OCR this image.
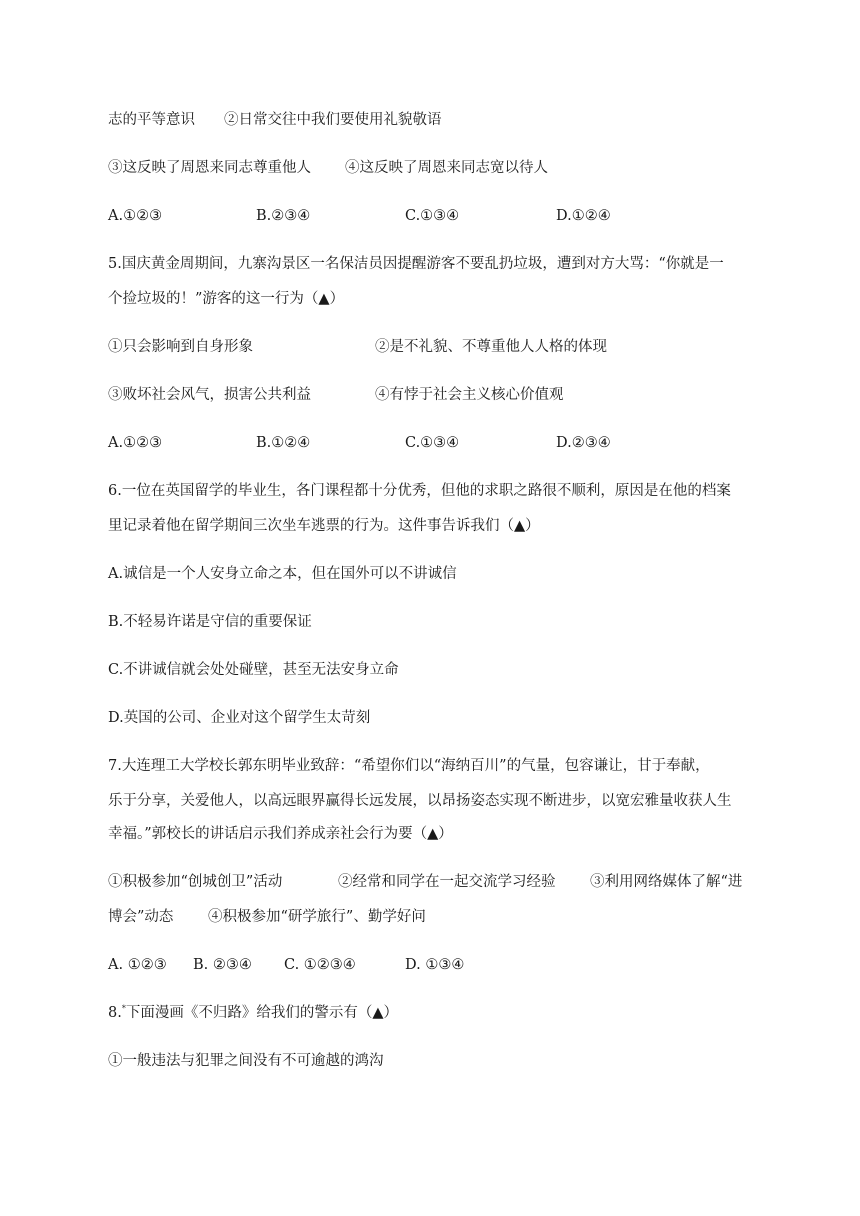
志的平等意识 ②日常交往中我们要使用礼貌敬语
③这反映了周恩来同志尊重他人 ④这反映了周恩来同志宽以待人
A.①②③	B.②③④	C.①③④	D.①②④
5.国庆黄金周期间，九寨沟景区一名保洁员因提醒游客不要乱扔垃圾，遭到对方大骂：“你就是一
个捡垃圾的！”游客的这一行为（▲）
①只会影响到自身形象	②是不礼貌、不尊重他人人格的体现
③败坏社会风气，损害公共利益	④有悖于社会主义核心价值观
A.①②③	B.①②④	C.①③④	D.②③④
6.一位在英国留学的毕业生，各门课程都十分优秀，但他的求职之路很不顺利，原因是在他的档案
里记录着他在留学期间三次坐车逃票的行为。这件事告诉我们（▲）
A.诚信是一个人安身立命之本，但在国外可以不讲诚信
B.不轻易许诺是守信的重要保证
C.不讲诚信就会处处碰壁，甚至无法安身立命
D.英国的公司、企业对这个留学生太苛刻
7.大连理工大学校长郭东明毕业致辞：“希望你们以“海纳百川”的气量，包容谦让，甘于奉献，
乐于分享，关爱他人，以高远眼界赢得长远发展，以昂扬姿态实现不断进步，以宽宏雅量收获人生
幸福。”郭校长的讲话启示我们养成亲社会行为要（▲）
①积极参加“创城创卫”活动	②经常和同学在一起交流学习经验 ③利用网络媒体了解“进
博会”动态 ④积极参加“研学旅行”、勤学好问
A. ①②③ B. ②③④ C. ①②③④	D. ①③④
8.*下面漫画《不归路》给我们的警示有（▲）
①一般违法与犯罪之间没有不可逾越的鸿沟
